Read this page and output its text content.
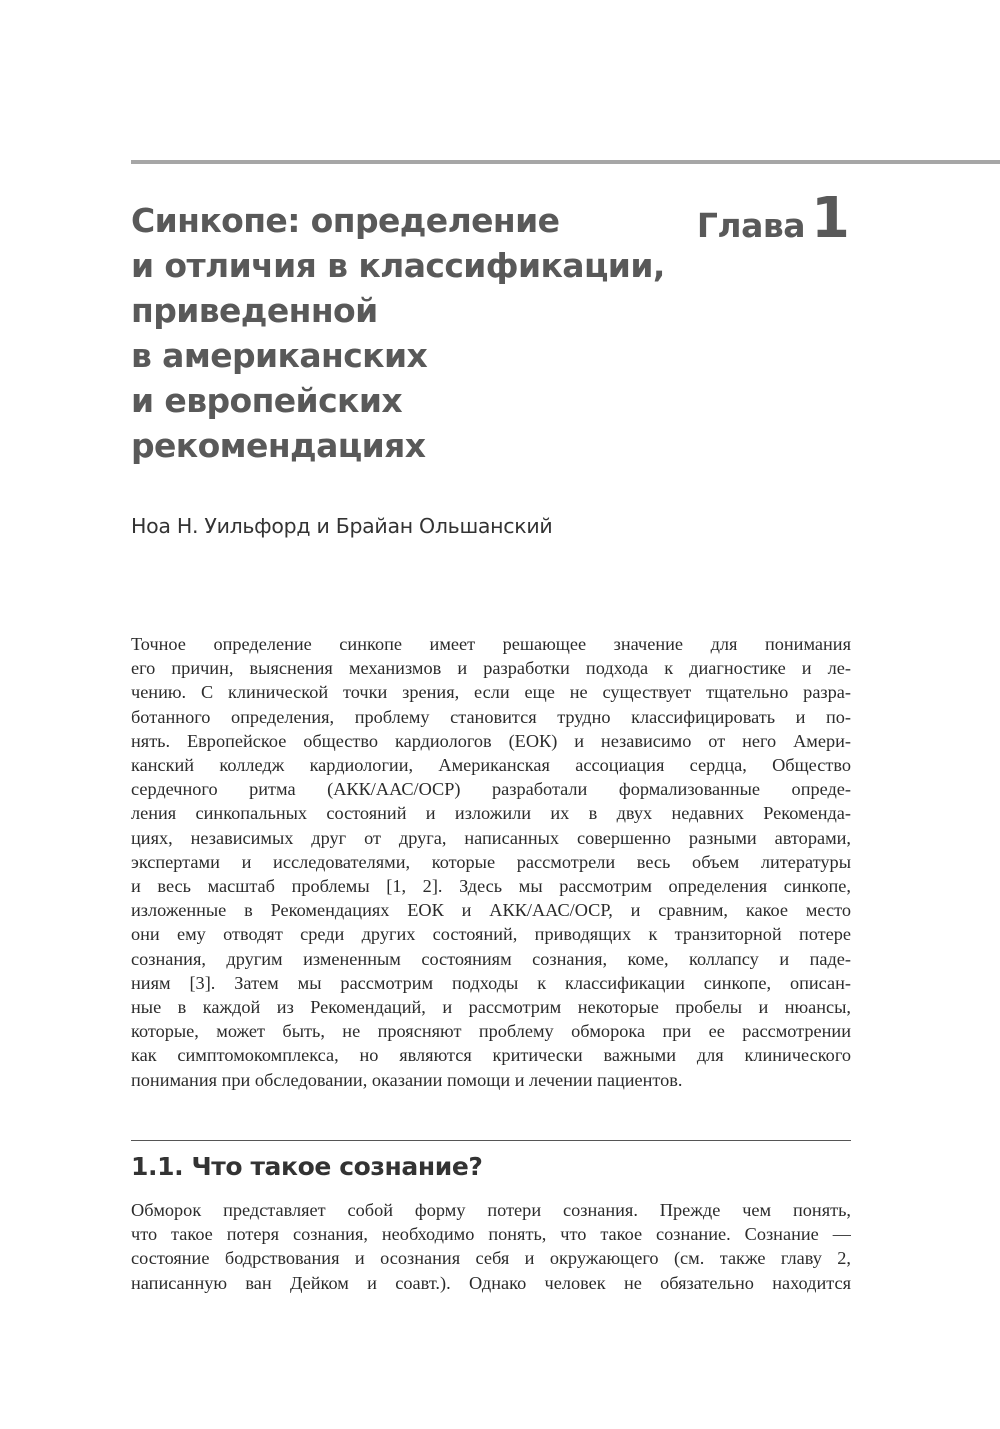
Синкопе: определение
и отличия в классификации,
приведенной
в американских
и европейских
рекомендациях
Глава 1
Ноа Н. Уильфорд и Брайан Ольшанский
Точное определение синкопе имеет решающее значение для понимания
его причин, выяснения механизмов и разработки подхода к диагностике и ле-
чению. С клинической точки зрения, если еще не существует тщательно разра-
ботанного определения, проблему становится трудно классифицировать и по-
нять. Европейское общество кардиологов (ЕОК) и независимо от него Амери-
канский колледж кардиологии, Американская ассоциация сердца, Общество
сердечного ритма (АКК/ААС/ОСР) разработали формализованные опреде-
ления синкопальных состояний и изложили их в двух недавних Рекоменда-
циях, независимых друг от друга, написанных совершенно разными авторами,
экспертами и исследователями, которые рассмотрели весь объем литературы
и весь масштаб проблемы [1, 2]. Здесь мы рассмотрим определения синкопе,
изложенные в Рекомендациях ЕОК и АКК/ААС/ОСР, и сравним, какое место
они ему отводят среди других состояний, приводящих к транзиторной потере
сознания, другим измененным состояниям сознания, коме, коллапсу и паде-
ниям [3]. Затем мы рассмотрим подходы к классификации синкопе, описан-
ные в каждой из Рекомендаций, и рассмотрим некоторые пробелы и нюансы,
которые, может быть, не проясняют проблему обморока при ее рассмотрении
как симптомокомплекса, но являются критически важными для клинического
понимания при обследовании, оказании помощи и лечении пациентов.
1.1. Что такое сознание?
Обморок представляет собой форму потери сознания. Прежде чем понять,
что такое потеря сознания, необходимо понять, что такое сознание. Сознание —
состояние бодрствования и осознания себя и окружающего (см. также главу 2,
написанную ван Дейком и соавт.). Однако человек не обязательно находится
